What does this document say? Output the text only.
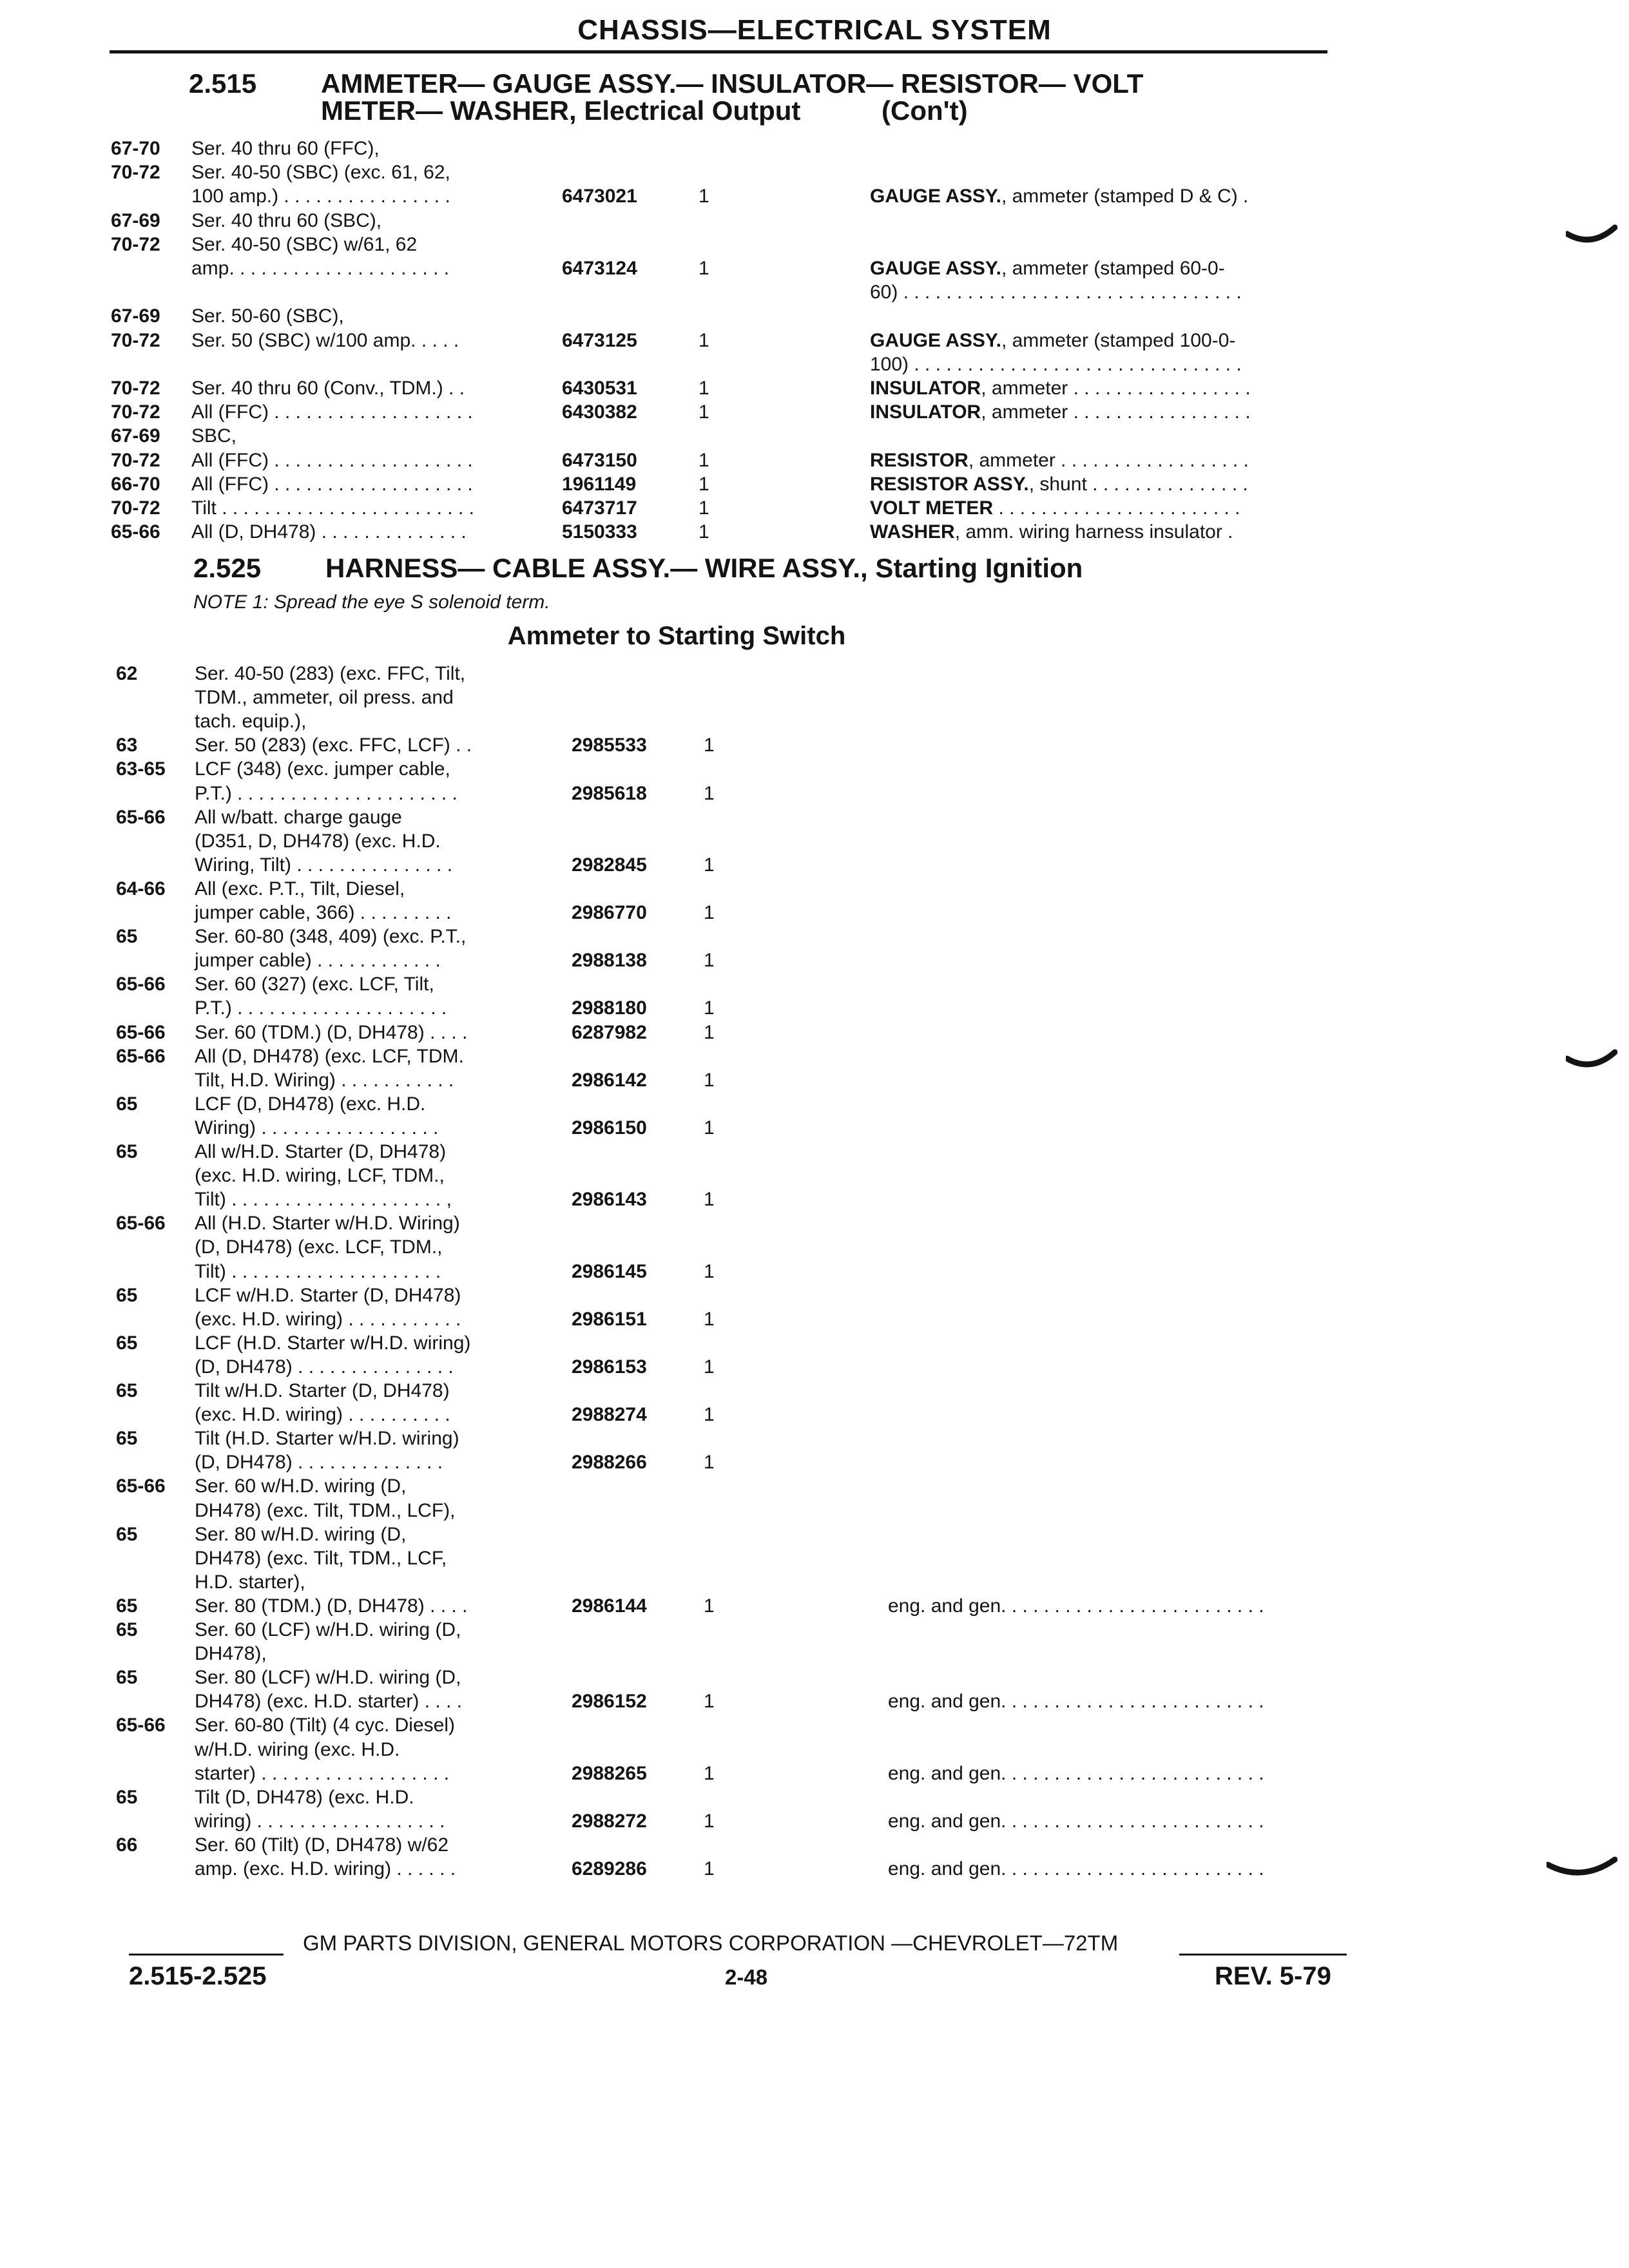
CHASSIS—ELECTRICAL SYSTEM
2.515 AMMETER— GAUGE ASSY.— INSULATOR— RESISTOR— VOLT
METER— WASHER, Electrical Output	(Con't)
67-70 Ser. 40 thru 60 (FFC),
70-72 Ser. 40-50 (SBC) (exc. 61, 62,
100 amp.) . . . . . . . . . . . . . . . .	6473021	1	GAUGE ASSY., ammeter (stamped D & C) .
67-69 Ser. 40 thru 60 (SBC),
70-72 Ser. 40-50 (SBC) w/61, 62
amp. . . . . . . . . . . . . . . . . . . . .	6473124	1	GAUGE ASSY., ammeter (stamped 60-0-
60) . . . . . . . . . . . . . . . . . . . . . . . . . . . . . . . .
67-69 Ser. 50-60 (SBC),
70-72 Ser. 50 (SBC) w/100 amp. . . . .	6473125	1	GAUGE ASSY., ammeter (stamped 100-0-
100) . . . . . . . . . . . . . . . . . . . . . . . . . . . . . . .
70-72 Ser. 40 thru 60 (Conv., TDM.) . .	6430531	1	INSULATOR, ammeter . . . . . . . . . . . . . . . . .
70-72 All (FFC) . . . . . . . . . . . . . . . . . . .	6430382	1	INSULATOR, ammeter . . . . . . . . . . . . . . . . .
67-69 SBC,
70-72 All (FFC) . . . . . . . . . . . . . . . . . . .	6473150	1	RESISTOR, ammeter . . . . . . . . . . . . . . . . . .
66-70 All (FFC) . . . . . . . . . . . . . . . . . . .	1961149	1	RESISTOR ASSY., shunt . . . . . . . . . . . . . . .
70-72 Tilt . . . . . . . . . . . . . . . . . . . . . . . .	6473717	1	VOLT METER . . . . . . . . . . . . . . . . . . . . . . .
65-66 All (D, DH478) . . . . . . . . . . . . . .	5150333	1	WASHER, amm. wiring harness insulator .
2.525 HARNESS— CABLE ASSY.— WIRE ASSY., Starting Ignition
NOTE 1: Spread the eye S solenoid term.
Ammeter to Starting Switch
62	Ser. 40-50 (283) (exc. FFC, Tilt,
TDM., ammeter, oil press. and
tach. equip.),
63	Ser. 50 (283) (exc. FFC, LCF) . .	2985533	1
63-65 LCF (348) (exc. jumper cable,
P.T.) . . . . . . . . . . . . . . . . . . . . .	2985618	1
65-66 All w/batt. charge gauge
(D351, D, DH478) (exc. H.D.
Wiring, Tilt) . . . . . . . . . . . . . . .	2982845	1
64-66 All (exc. P.T., Tilt, Diesel,
jumper cable, 366) . . . . . . . . .	2986770	1
65	Ser. 60-80 (348, 409) (exc. P.T.,
jumper cable) . . . . . . . . . . . .	2988138	1
65-66 Ser. 60 (327) (exc. LCF, Tilt,
P.T.) . . . . . . . . . . . . . . . . . . . .	2988180	1
65-66 Ser. 60 (TDM.) (D, DH478) . . . .	6287982	1
65-66 All (D, DH478) (exc. LCF, TDM.
Tilt, H.D. Wiring) . . . . . . . . . . .	2986142	1
65	LCF (D, DH478) (exc. H.D.
Wiring) . . . . . . . . . . . . . . . . .	2986150	1
65	All w/H.D. Starter (D, DH478)
(exc. H.D. wiring, LCF, TDM.,
Tilt) . . . . . . . . . . . . . . . . . . . . ,	2986143	1
65-66 All (H.D. Starter w/H.D. Wiring)
(D, DH478) (exc. LCF, TDM.,
Tilt) . . . . . . . . . . . . . . . . . . . .	2986145	1
65	LCF w/H.D. Starter (D, DH478)
(exc. H.D. wiring) . . . . . . . . . . .	2986151	1
65	LCF (H.D. Starter w/H.D. wiring)
(D, DH478) . . . . . . . . . . . . . . .	2986153	1
65	Tilt w/H.D. Starter (D, DH478)
(exc. H.D. wiring) . . . . . . . . . .	2988274	1
65	Tilt (H.D. Starter w/H.D. wiring)
(D, DH478) . . . . . . . . . . . . . .	2988266	1
65-66 Ser. 60 w/H.D. wiring (D,
DH478) (exc. Tilt, TDM., LCF),
65	Ser. 80 w/H.D. wiring (D,
DH478) (exc. Tilt, TDM., LCF,
H.D. starter),
65	Ser. 80 (TDM.) (D, DH478) . . . .	2986144	1	eng. and gen. . . . . . . . . . . . . . . . . . . . . . . . .
65	Ser. 60 (LCF) w/H.D. wiring (D,
DH478),
65	Ser. 80 (LCF) w/H.D. wiring (D,
DH478) (exc. H.D. starter) . . . .	2986152	1	eng. and gen. . . . . . . . . . . . . . . . . . . . . . . . .
65-66 Ser. 60-80 (Tilt) (4 cyc. Diesel)
w/H.D. wiring (exc. H.D.
starter) . . . . . . . . . . . . . . . . . .	2988265	1	eng. and gen. . . . . . . . . . . . . . . . . . . . . . . . .
65	Tilt (D, DH478) (exc. H.D.
wiring) . . . . . . . . . . . . . . . . . .	2988272	1	eng. and gen. . . . . . . . . . . . . . . . . . . . . . . . .
66	Ser. 60 (Tilt) (D, DH478) w/62
amp. (exc. H.D. wiring) . . . . . .	6289286	1	eng. and gen. . . . . . . . . . . . . . . . . . . . . . . . .
GM PARTS DIVISION, GENERAL MOTORS CORPORATION —CHEVROLET—72TM
2.515-2.525	2-48	REV. 5-79
